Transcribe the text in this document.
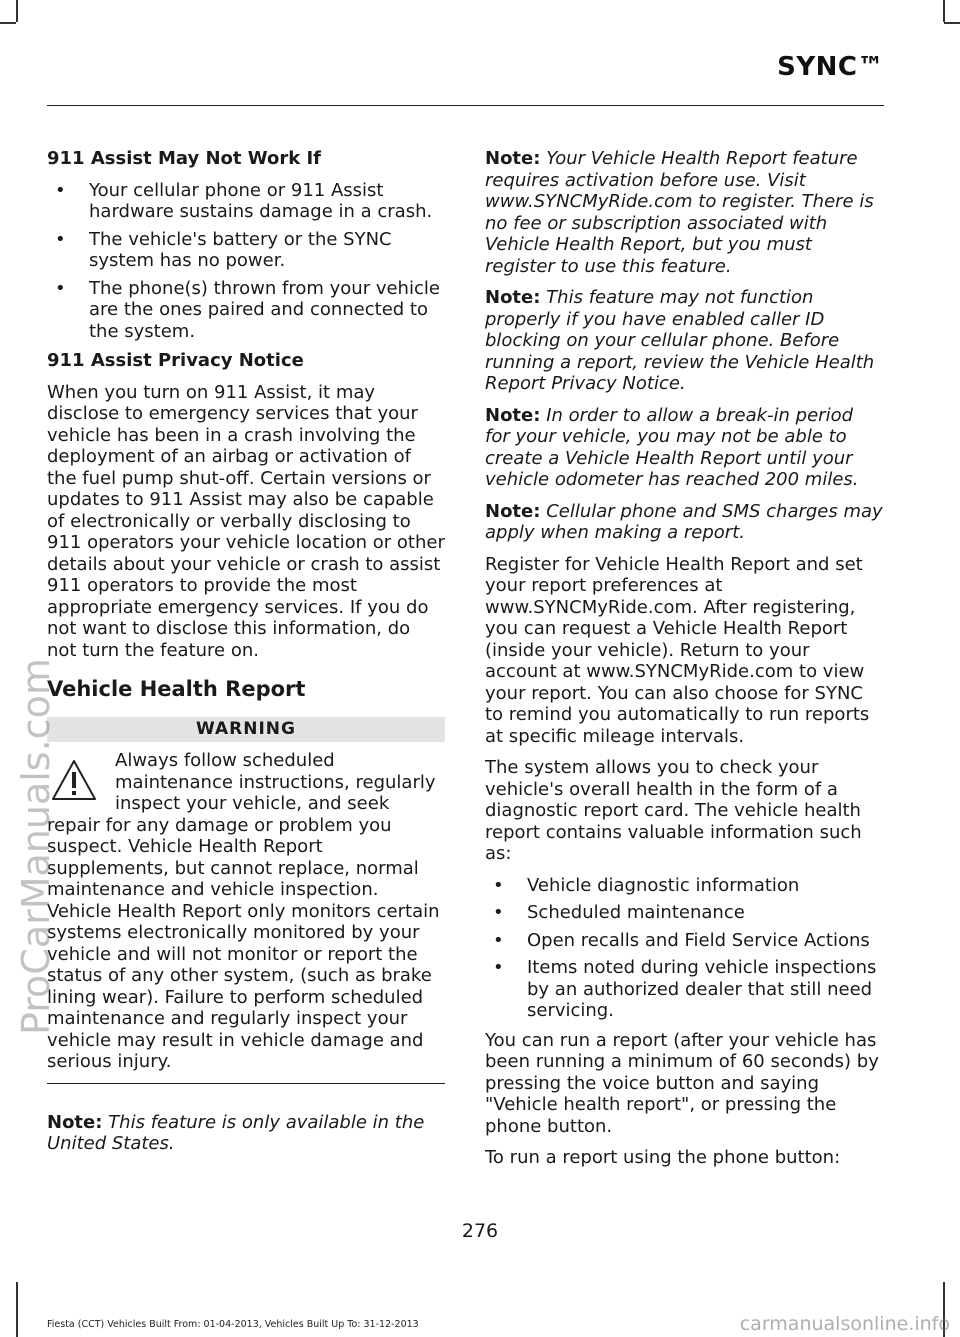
SYNC™
911 Assist May Not Work If
• Your cellular phone or 911 Assist hardware sustains damage in a crash.
• The vehicle's battery or the SYNC system has no power.
• The phone(s) thrown from your vehicle are the ones paired and connected to the system.
911 Assist Privacy Notice

When you turn on 911 Assist, it may disclose to emergency services that your vehicle has been in a crash involving the deployment of an airbag or activation of the fuel pump shut-off. Certain versions or updates to 911 Assist may also be capable of electronically or verbally disclosing to 911 operators your vehicle location or other details about your vehicle or crash to assist 911 operators to provide the most appropriate emergency services. If you do not want to disclose this information, do not turn the feature on.

Vehicle Health Report
WARNING
Always follow scheduled maintenance instructions, regularly inspect your vehicle, and seek repair for any damage or problem you suspect. Vehicle Health Report supplements, but cannot replace, normal maintenance and vehicle inspection. Vehicle Health Report only monitors certain systems electronically monitored by your vehicle and will not monitor or report the status of any other system, (such as brake lining wear). Failure to perform scheduled maintenance and regularly inspect your vehicle may result in vehicle damage and serious injury.

Note: This feature is only available in the United States.

Note: Your Vehicle Health Report feature requires activation before use. Visit www.SYNCMyRide.com to register. There is no fee or subscription associated with Vehicle Health Report, but you must register to use this feature.

Note: This feature may not function properly if you have enabled caller ID blocking on your cellular phone. Before running a report, review the Vehicle Health Report Privacy Notice.

Note: In order to allow a break-in period for your vehicle, you may not be able to create a Vehicle Health Report until your vehicle odometer has reached 200 miles.

Note: Cellular phone and SMS charges may apply when making a report.

Register for Vehicle Health Report and set your report preferences at www.SYNCMyRide.com. After registering, you can request a Vehicle Health Report (inside your vehicle). Return to your account at www.SYNCMyRide.com to view your report. You can also choose for SYNC to remind you automatically to run reports at specific mileage intervals.

The system allows you to check your vehicle's overall health in the form of a diagnostic report card. The vehicle health report contains valuable information such as:

• Vehicle diagnostic information
• Scheduled maintenance
• Open recalls and Field Service Actions
• Items noted during vehicle inspections by an authorized dealer that still need servicing.

You can run a report (after your vehicle has been running a minimum of 60 seconds) by pressing the voice button and saying "Vehicle health report", or pressing the phone button.

To run a report using the phone button:

276
Fiesta (CCT) Vehicles Built From: 01-04-2013, Vehicles Built Up To: 31-12-2013
ProCarManuals.com
carmanualsonline.info
